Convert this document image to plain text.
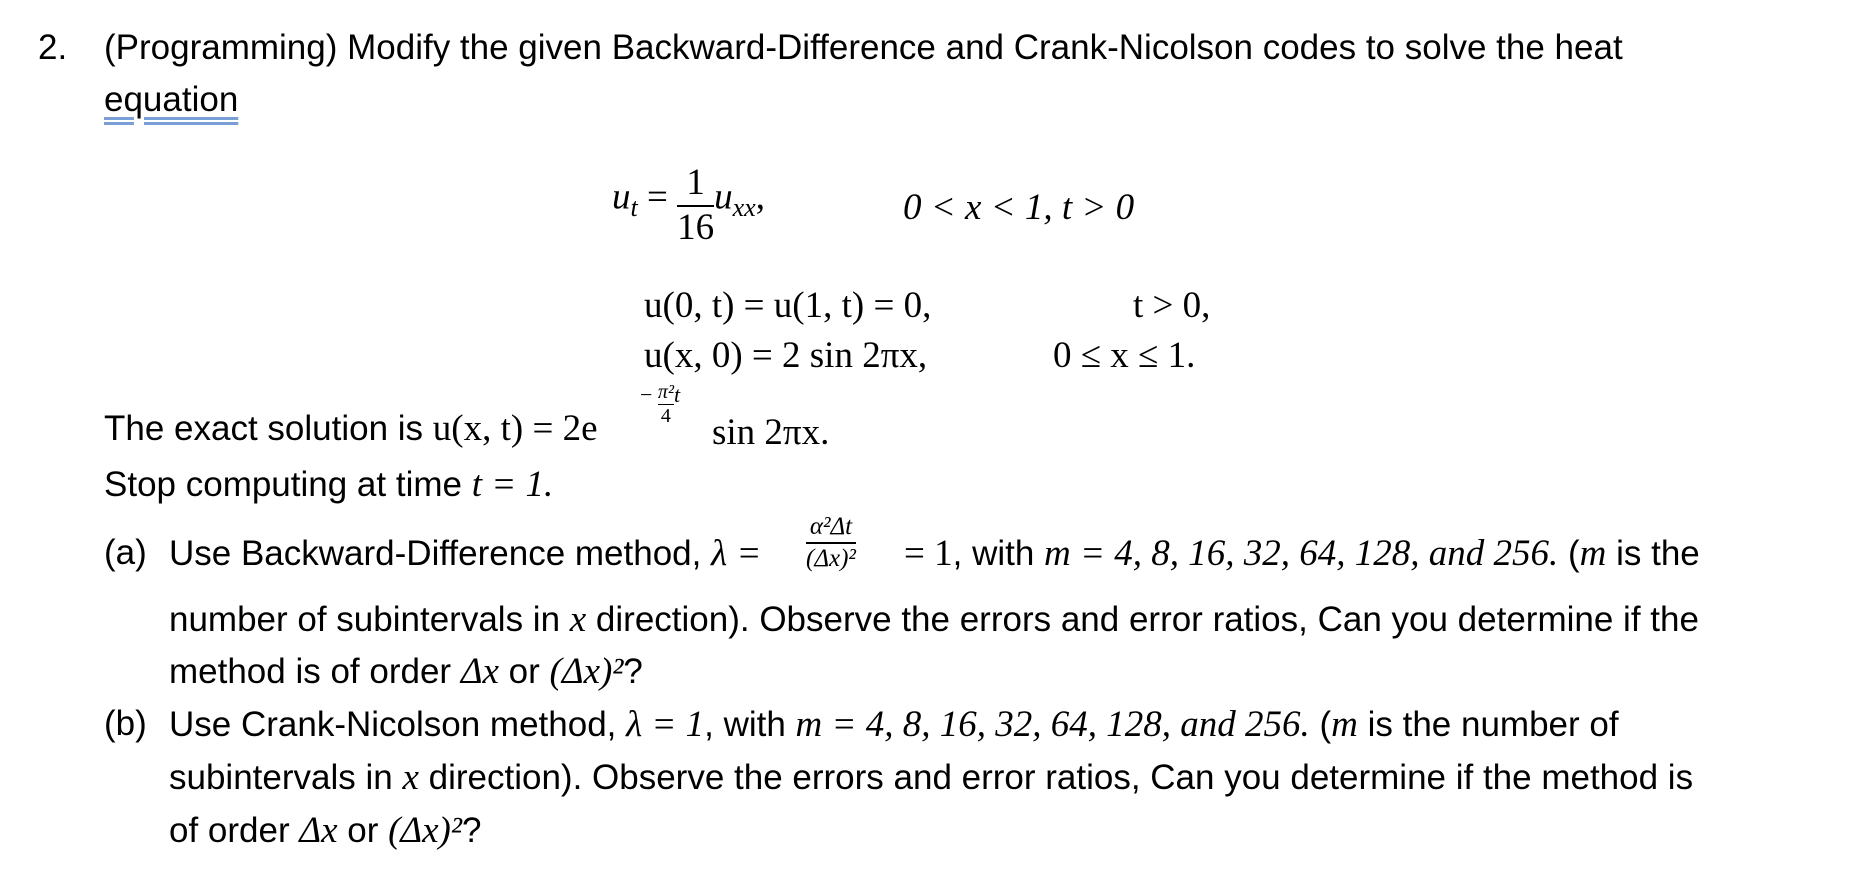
2. (Programming) Modify the given Backward-Difference and Crank-Nicolson codes to solve the heat
equation
$u_t = \frac{1}{16} u_{xx}$,	0 < x < 1, t > 0
u(0, t) = u(1, t) = 0,	t > 0,
u(x, 0) = 2 sin 2πx,	0 ≤ x ≤ 1.
The exact solution is u(x, t) = 2e
− $\frac{\text{π²}}{4}$ t
sin 2πx.
Stop computing at time t = 1.
(a) Use Backward-Difference method, $\lambda = \frac{\text{α²Δt}}{\text{(Δx)²}} = 1$, with m = 4, 8, 16, 32, 64, 128, and 256. (m is the
number of subintervals in x direction). Observe the errors and error ratios, Can you determine if the
method is of order Δx or (Δx)²?
(b) Use Crank-Nicolson method, λ = 1, with m = 4, 8, 16, 32, 64, 128, and 256. (m is the number of
subintervals in x direction). Observe the errors and error ratios, Can you determine if the method is
of order Δx or (Δx)²?
